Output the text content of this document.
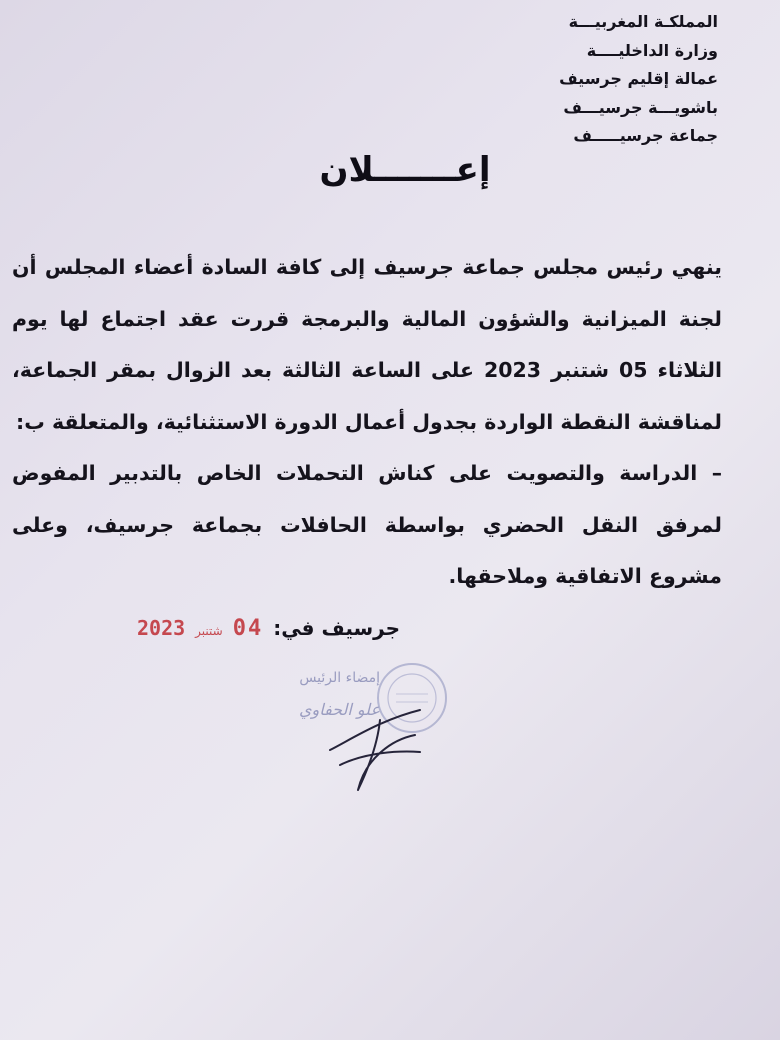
المملكـة المغربيـــة
وزارة الداخليــــة
عمالة إقليم جرسيف
باشويـــة جرسيـــف
جماعة جرسيـــــف
إعـــــــلان

ينهي رئيس مجلس جماعة جرسيف إلى كافة السادة أعضاء المجلس أن لجنة الميزانية والشؤون المالية والبرمجة قررت عقد اجتماع لها يوم الثلاثاء 05 شتنبر 2023 على الساعة الثالثة بعد الزوال بمقر الجماعة، لمناقشة النقطة الواردة بجدول أعمال الدورة الاستثنائية، والمتعلقة ب:

– الدراسة والتصويت على كناش التحملات الخاص بالتدبير المفوض لمرفق النقل الحضري بواسطة الحافلات بجماعة جرسيف، وعلى مشروع الاتفاقية وملاحقها.

جرسيف في:
2023 شتنبر 04
إمضاء الرئيس
علو الحفاوي
